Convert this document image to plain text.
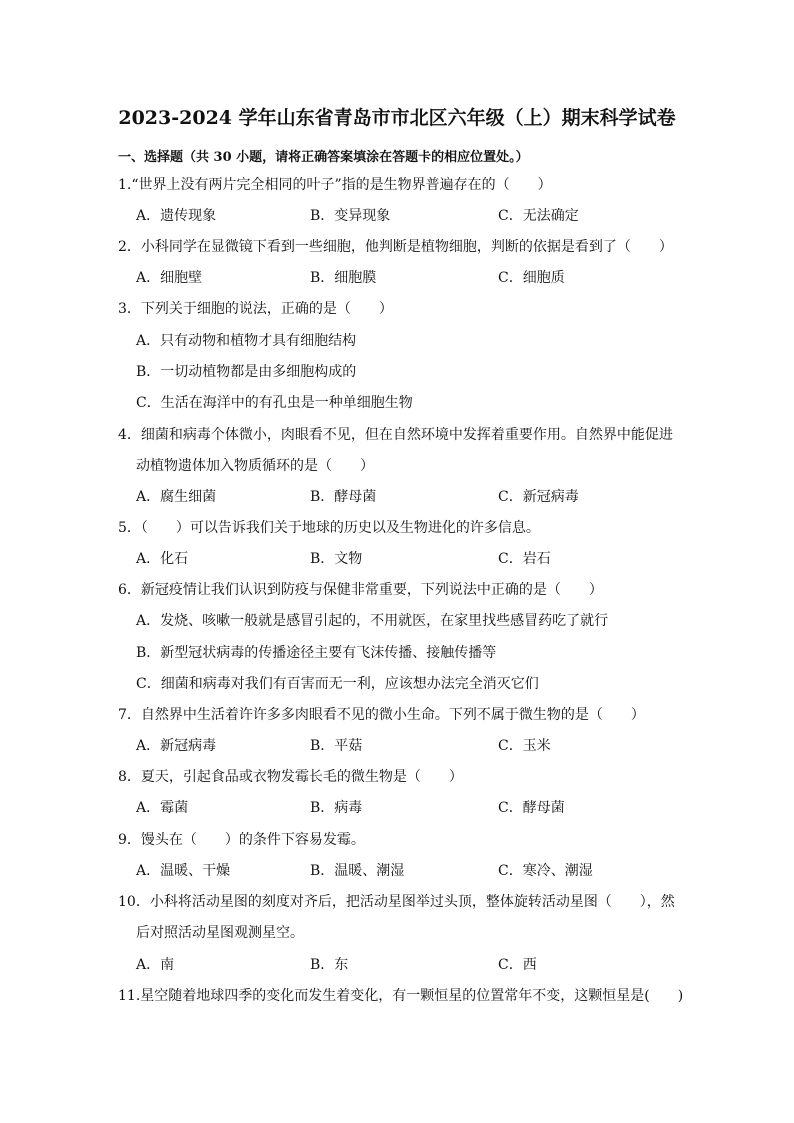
2023-2024 学年山东省青岛市市北区六年级（上）期末科学试卷
一、选择题（共 30 小题，请将正确答案填涂在答题卡的相应位置处。）
1.“世界上没有两片完全相同的叶子”指的是生物界普遍存在的（　　）
A．遗传现象	B．变异现象	C．无法确定
2．小科同学在显微镜下看到一些细胞，他判断是植物细胞，判断的依据是看到了（　　）
A．细胞壁	B．细胞膜	C．细胞质
3．下列关于细胞的说法，正确的是（　　）
A．只有动物和植物才具有细胞结构
B．一切动植物都是由多细胞构成的
C．生活在海洋中的有孔虫是一种单细胞生物
4．细菌和病毒个体微小，肉眼看不见，但在自然环境中发挥着重要作用。自然界中能促进
动植物遗体加入物质循环的是（　　）
A．腐生细菌	B．酵母菌	C．新冠病毒
5．（　　）可以告诉我们关于地球的历史以及生物进化的许多信息。
A．化石	B．文物	C．岩石
6．新冠疫情让我们认识到防疫与保健非常重要，下列说法中正确的是（　　）
A．发烧、咳嗽一般就是感冒引起的，不用就医，在家里找些感冒药吃了就行
B．新型冠状病毒的传播途径主要有飞沫传播、接触传播等
C．细菌和病毒对我们有百害而无一利，应该想办法完全消灭它们
7．自然界中生活着许许多多肉眼看不见的微小生命。下列不属于微生物的是（　　）
A．新冠病毒	B．平菇	C．玉米
8．夏天，引起食品或衣物发霉长毛的微生物是（　　）
A．霉菌	B．病毒	C．酵母菌
9．馒头在（　　）的条件下容易发霉。
A．温暖、干燥	B．温暖、潮湿	C．寒冷、潮湿
10．小科将活动星图的刻度对齐后，把活动星图举过头顶，整体旋转活动星图（　　），然
后对照活动星图观测星空。
A．南	B．东	C．西
11.星空随着地球四季的变化而发生着变化，有一颗恒星的位置常年不变，这颗恒星是(　　)
